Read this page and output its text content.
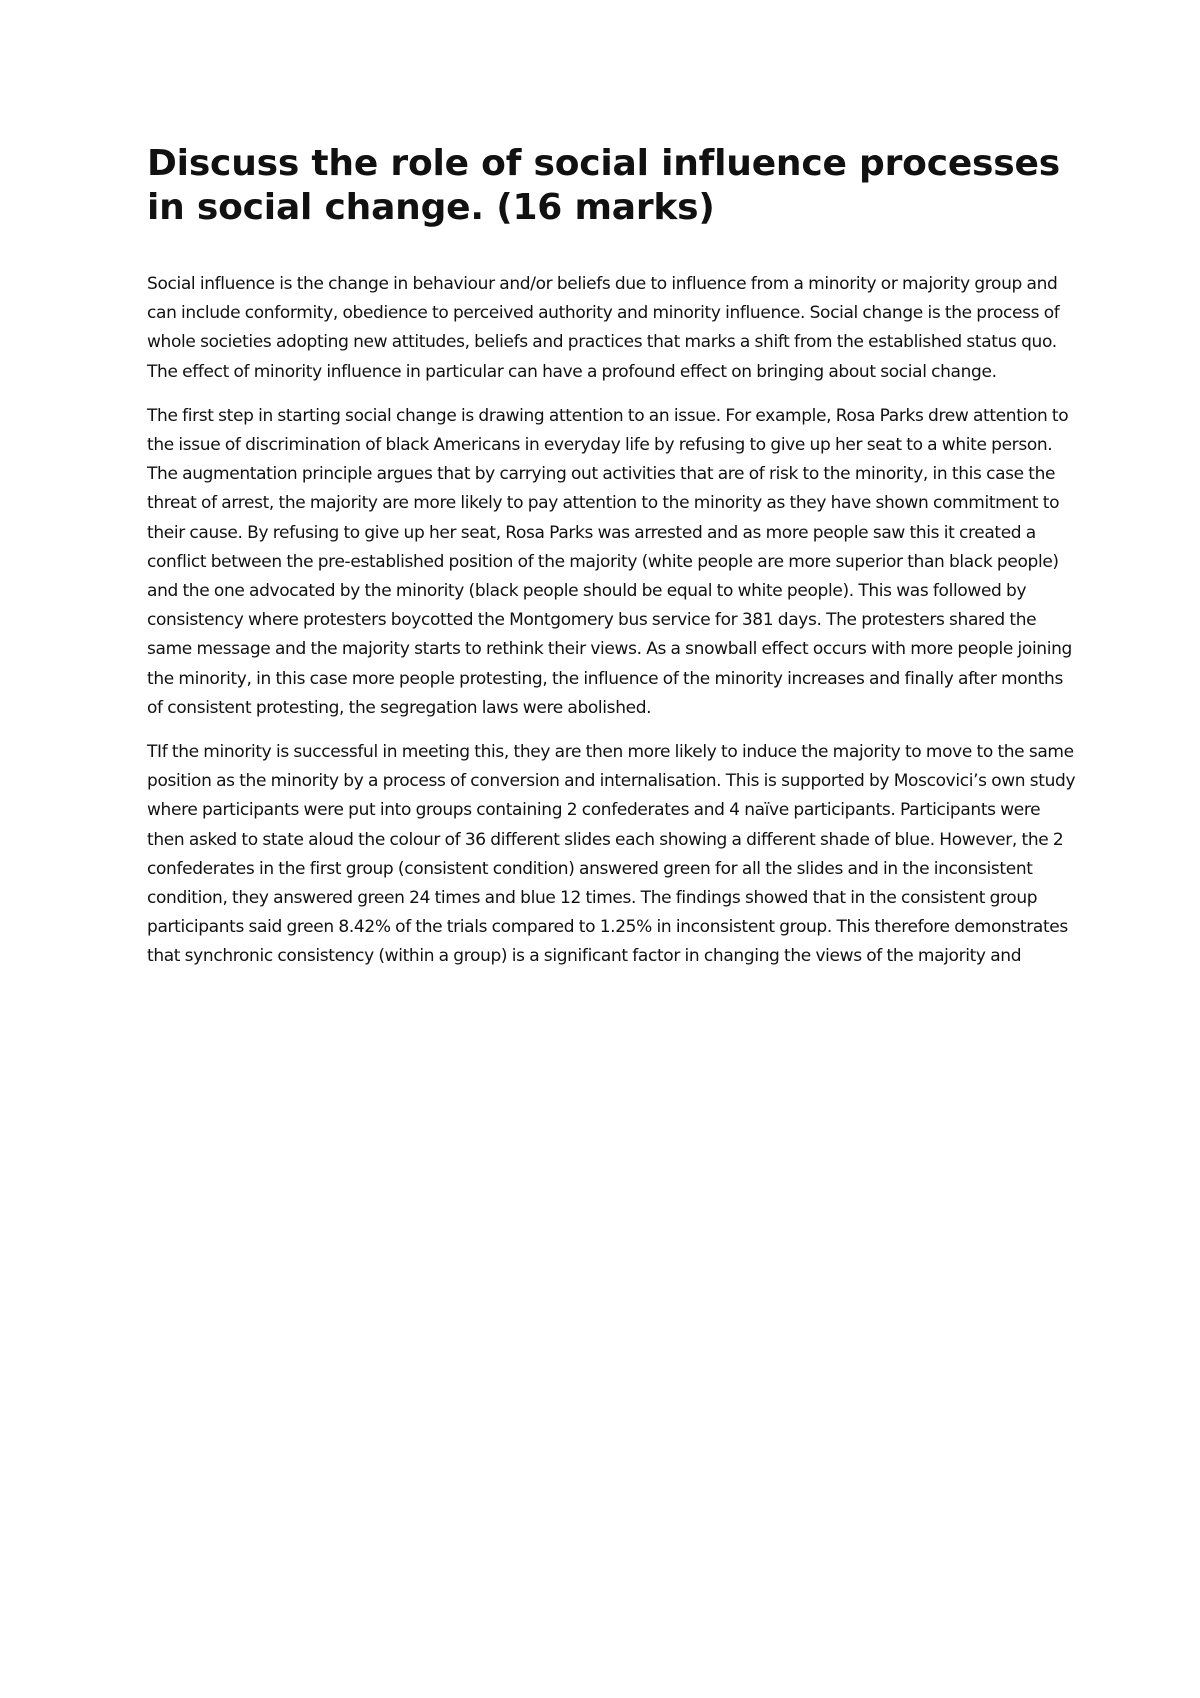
Discuss the role of social influence processes in social change. (16 marks)

Social influence is the change in behaviour and/or beliefs due to influence from a minority or majority group and can include conformity, obedience to perceived authority and minority influence. Social change is the process of whole societies adopting new attitudes, beliefs and practices that marks a shift from the established status quo. The effect of minority influence in particular can have a profound effect on bringing about social change.

The first step in starting social change is drawing attention to an issue. For example, Rosa Parks drew attention to the issue of discrimination of black Americans in everyday life by refusing to give up her seat to a white person. The augmentation principle argues that by carrying out activities that are of risk to the minority, in this case the threat of arrest, the majority are more likely to pay attention to the minority as they have shown commitment to their cause. By refusing to give up her seat, Rosa Parks was arrested and as more people saw this it created a conflict between the pre-established position of the majority (white people are more superior than black people) and the one advocated by the minority (black people should be equal to white people). This was followed by consistency where protesters boycotted the Montgomery bus service for 381 days. The protesters shared the same message and the majority starts to rethink their views. As a snowball effect occurs with more people joining the minority, in this case more people protesting, the influence of the minority increases and finally after months of consistent protesting, the segregation laws were abolished.

TIf the minority is successful in meeting this, they are then more likely to induce the majority to move to the same position as the minority by a process of conversion and internalisation. This is supported by Moscovici’s own study where participants were put into groups containing 2 confederates and 4 naïve participants. Participants were then asked to state aloud the colour of 36 different slides each showing a different shade of blue. However, the 2 confederates in the first group (consistent condition) answered green for all the slides and in the inconsistent condition, they answered green 24 times and blue 12 times. The findings showed that in the consistent group participants said green 8.42% of the trials compared to 1.25% in inconsistent group. This therefore demonstrates that synchronic consistency (within a group) is a significant factor in changing the views of the majority and
